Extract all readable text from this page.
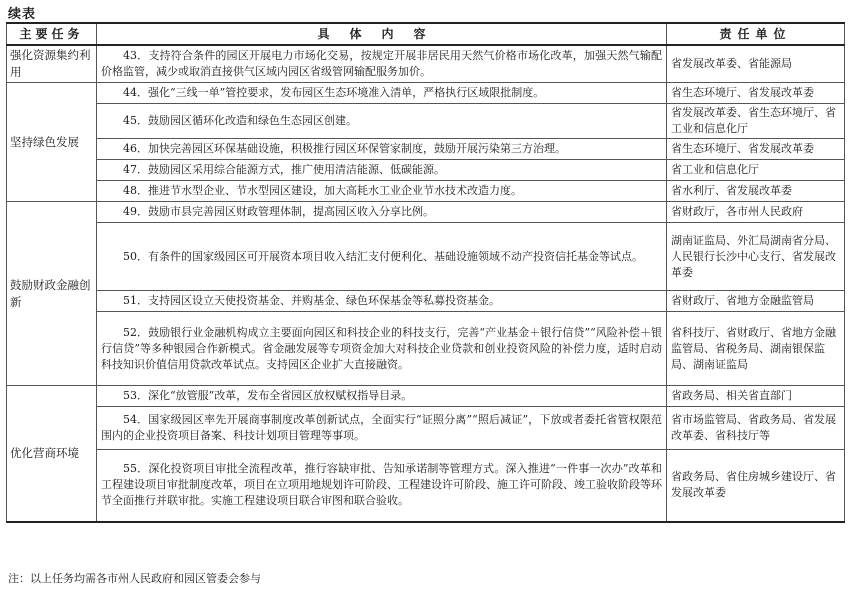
续表
主要任务	具体内容	责任单位
强化资源集约利用	43．支持符合条件的园区开展电力市场化交易，按规定开展非居民用天然气价格市场化改革，加强天然气输配价格监管，减少或取消直接供气区域内园区省级管网输配服务加价。	省发展改革委、省能源局
坚持绿色发展	44．强化“三线一单”管控要求，发布园区生态环境准入清单，严格执行区域限批制度。	省生态环境厅、省发展改革委
	45．鼓励园区循环化改造和绿色生态园区创建。	省发展改革委、省生态环境厅、省工业和信息化厅
	46．加快完善园区环保基础设施，积极推行园区环保管家制度，鼓励开展污染第三方治理。	省生态环境厅、省发展改革委
	47．鼓励园区采用综合能源方式，推广使用清洁能源、低碳能源。	省工业和信息化厅
	48．推进节水型企业、节水型园区建设，加大高耗水工业企业节水技术改造力度。	省水利厅、省发展改革委
鼓励财政金融创新	49．鼓励市县完善园区财政管理体制，提高园区收入分享比例。	省财政厅，各市州人民政府
	50．有条件的国家级园区可开展资本项目收入结汇支付便利化、基础设施领域不动产投资信托基金等试点。	湖南证监局、外汇局湖南省分局、人民银行长沙中心支行、省发展改革委
	51．支持园区设立天使投资基金、并购基金、绿色环保基金等私募投资基金。	省财政厅、省地方金融监管局
	52．鼓励银行业金融机构成立主要面向园区和科技企业的科技支行，完善“产业基金＋银行信贷”“风险补偿＋银行信贷”等多种银园合作新模式。省金融发展等专项资金加大对科技企业贷款和创业投资风险的补偿力度，适时启动科技知识价值信用贷款改革试点。支持园区企业扩大直接融资。	省科技厅、省财政厅、省地方金融监管局、省税务局、湖南银保监局、湖南证监局
优化营商环境	53．深化“放管服”改革，发布全省园区放权赋权指导目录。	省政务局、相关省直部门
	54．国家级园区率先开展商事制度改革创新试点，全面实行“证照分离”“照后减证”，下放或者委托省管权限范围内的企业投资项目备案、科技计划项目管理等事项。	省市场监管局、省政务局、省发展改革委、省科技厅等
	55．深化投资项目审批全流程改革，推行容缺审批、告知承诺制等管理方式。深入推进“一件事一次办”改革和工程建设项目审批制度改革，项目在立项用地规划许可阶段、工程建设许可阶段、施工许可阶段、竣工验收阶段等环节全面推行并联审批。实施工程建设项目联合审图和联合验收。	省政务局、省住房城乡建设厅、省发展改革委
注：以上任务均需各市州人民政府和园区管委会参与
